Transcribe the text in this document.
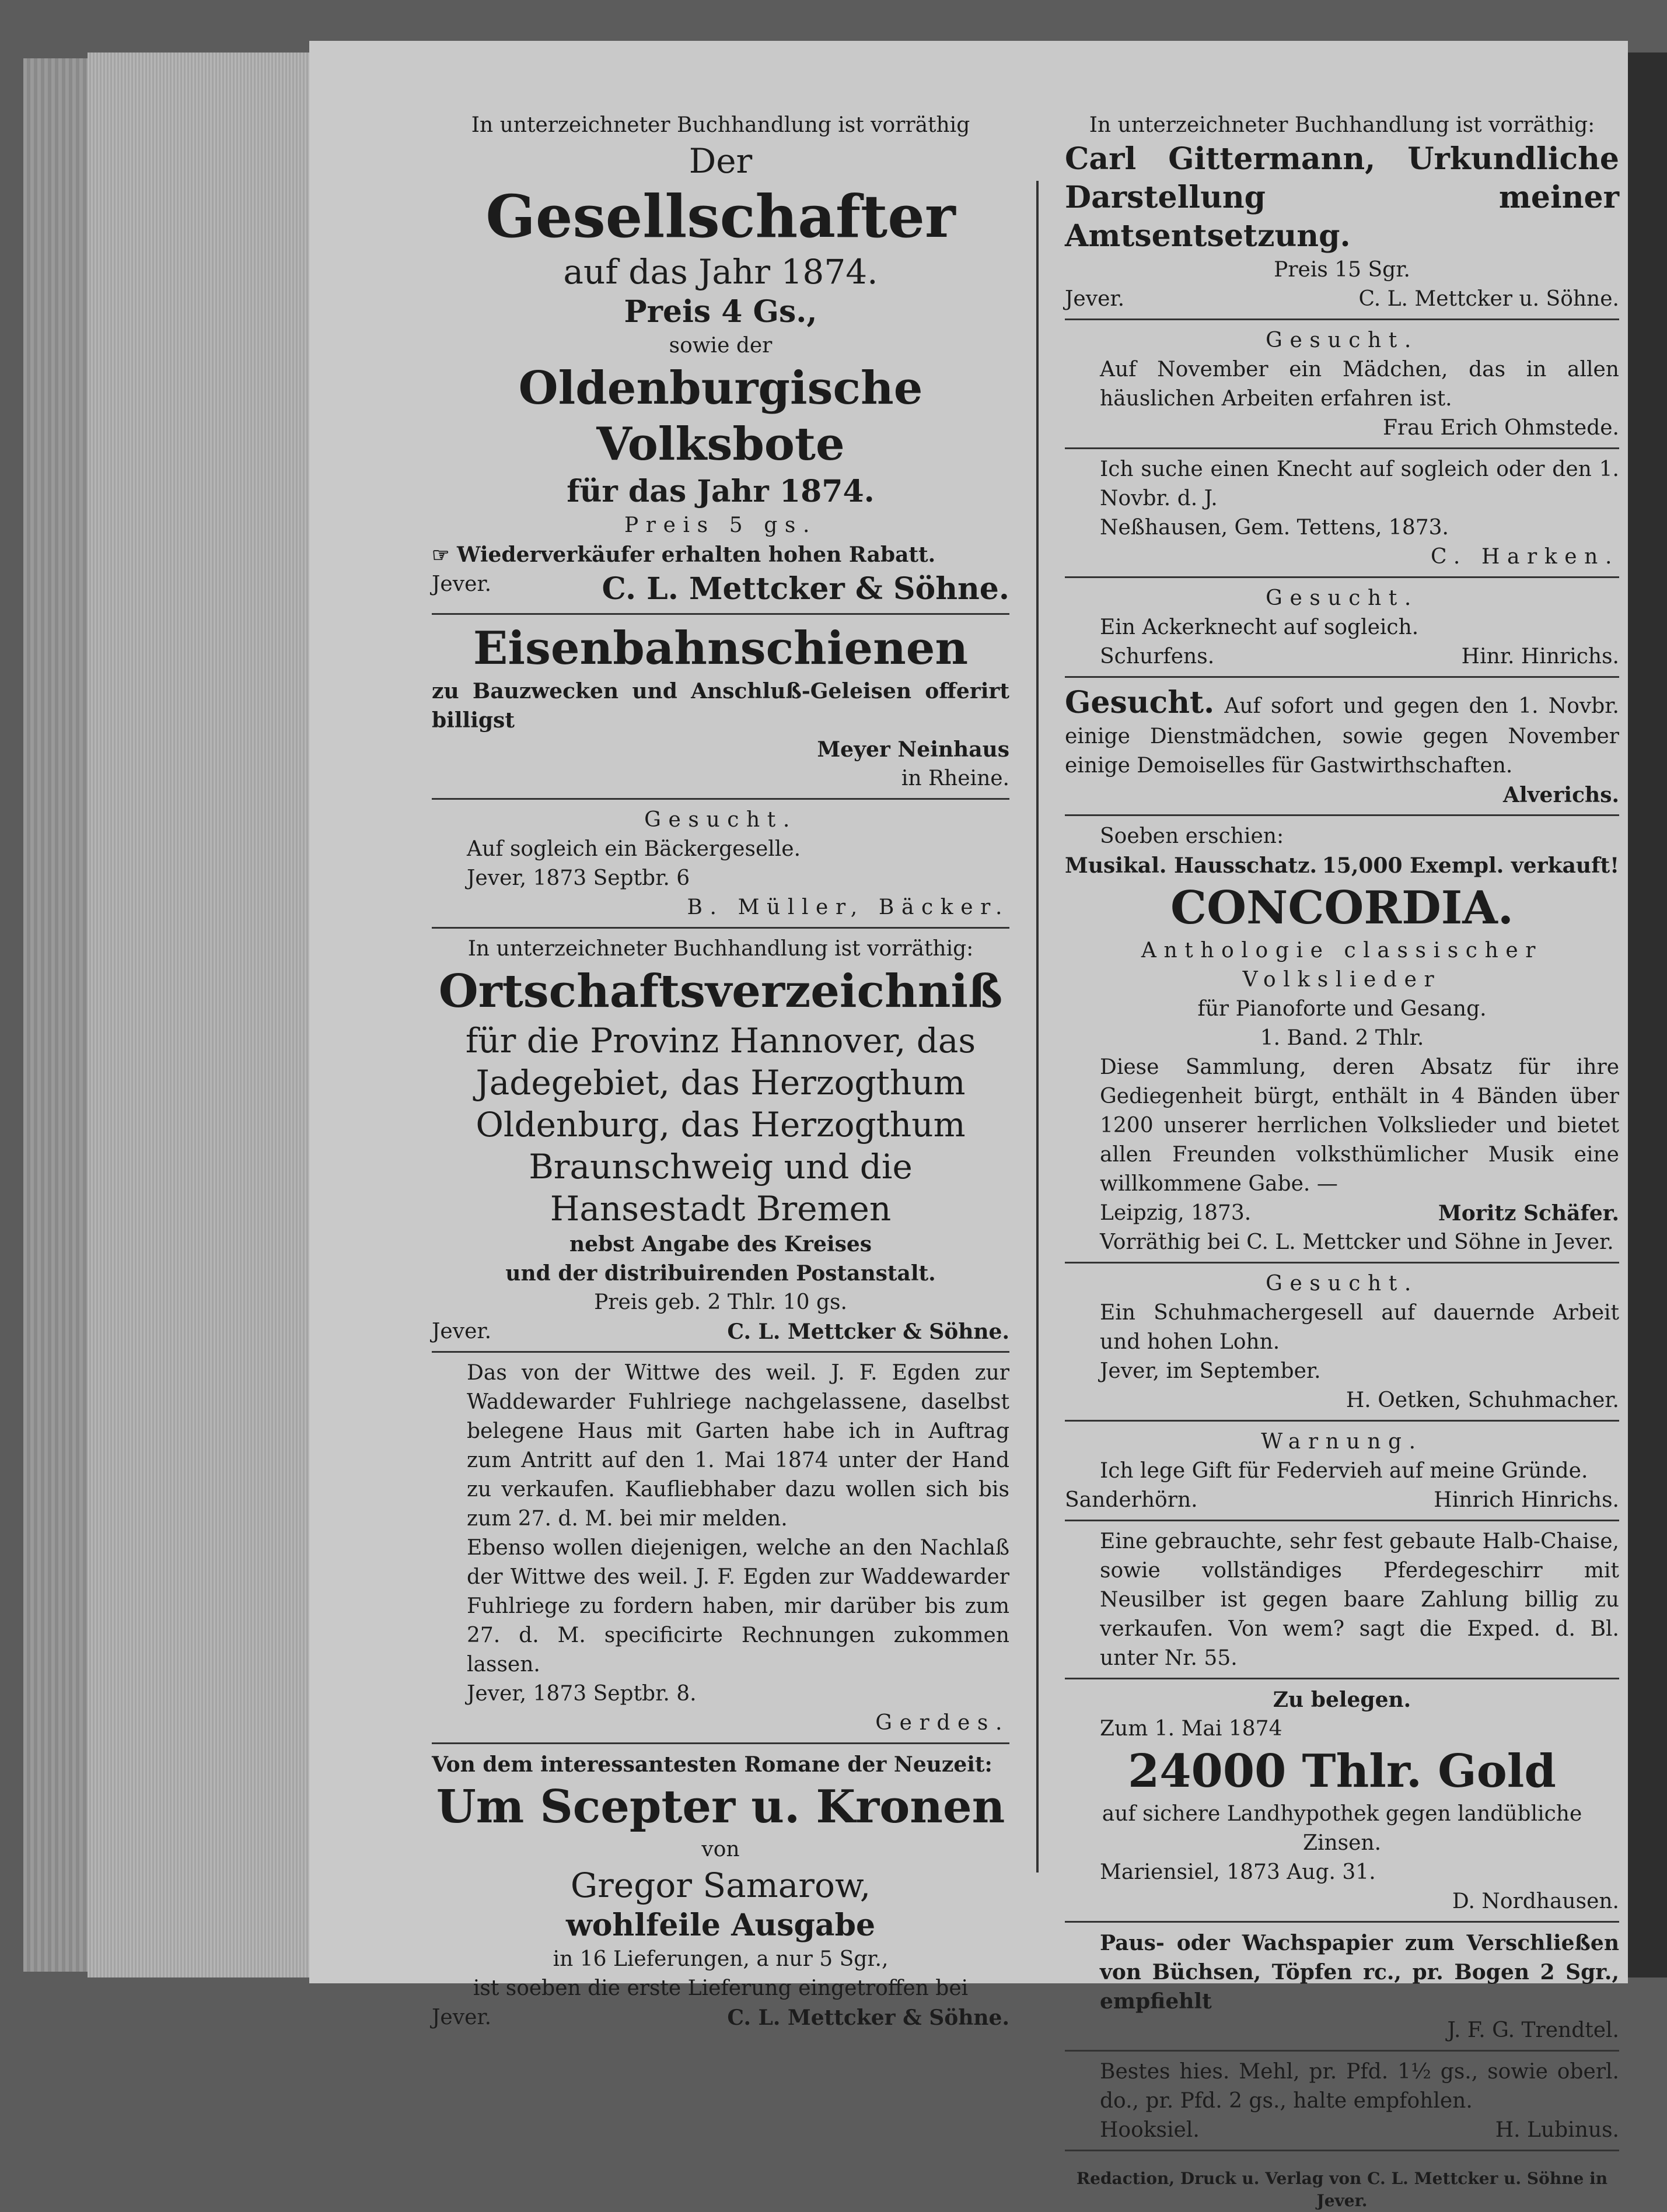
In unterzeichneter Buchhandlung ist vorräthig

Der

Gesellschafter

auf das Jahr 1874.

Preis 4 Gs.,

sowie der

Oldenburgische Volksbote

für das Jahr 1874.

Preis 5 gs.

☞ Wiederverkäufer erhalten hohen Rabatt.

Jever.	C. L. Mettcker & Söhne.

Eisenbahnschienen

zu Bauzwecken und Anschluß-Geleisen offerirt billigst

Meyer Neinhaus

in Rheine.

Gesucht.

Auf sogleich ein Bäckergeselle.

Jever, 1873 Septbr. 6

B. Müller, Bäcker.

In unterzeichneter Buchhandlung ist vorräthig:

Ortschaftsverzeichniß

für die Provinz Hannover, das Jadegebiet, das Herzogthum Oldenburg, das Herzogthum Braunschweig und die Hansestadt Bremen

nebst Angabe des Kreises

und der distribuirenden Postanstalt.

Preis geb. 2 Thlr. 10 gs.

Jever.	C. L. Mettcker & Söhne.

Das von der Wittwe des weil. J. F. Egden zur Waddewarder Fuhlriege nachgelassene, daselbst belegene Haus mit Garten habe ich in Auftrag zum Antritt auf den 1. Mai 1874 unter der Hand zu verkaufen. Kaufliebhaber dazu wollen sich bis zum 27. d. M. bei mir melden.

Ebenso wollen diejenigen, welche an den Nachlaß der Wittwe des weil. J. F. Egden zur Waddewarder Fuhlriege zu fordern haben, mir darüber bis zum 27. d. M. specificirte Rechnungen zukommen lassen.

Jever, 1873 Septbr. 8.

Gerdes.

Von dem interessantesten Romane der Neuzeit:

Um Scepter u. Kronen

von

Gregor Samarow,

wohlfeile Ausgabe

in 16 Lieferungen, a nur 5 Sgr.,

ist soeben die erste Lieferung eingetroffen bei

Jever.	C. L. Mettcker & Söhne.

In unterzeichneter Buchhandlung ist vorräthig:

Carl Gittermann, Urkundliche Darstellung meiner Amtsentsetzung.

Preis 15 Sgr.

Jever.	C. L. Mettcker u. Söhne.

Gesucht.

Auf November ein Mädchen, das in allen häuslichen Arbeiten erfahren ist.

Frau Erich Ohmstede.

Ich suche einen Knecht auf sogleich oder den 1. Novbr. d. J.

Neßhausen, Gem. Tettens, 1873.

C. Harken.

Gesucht.

Ein Ackerknecht auf sogleich.

Schurfens.	Hinr. Hinrichs.

Gesucht. Auf sofort und gegen den 1. Novbr. einige Dienstmädchen, sowie gegen November einige Demoiselles für Gastwirthschaften.

Alverichs.

Soeben erschien:

Musikal. Hausschatz. 15,000 Exempl. verkauft!

CONCORDIA.

Anthologie classischer Volkslieder

für Pianoforte und Gesang.

1. Band. 2 Thlr.

Diese Sammlung, deren Absatz für ihre Gediegenheit bürgt, enthält in 4 Bänden über 1200 unserer herrlichen Volkslieder und bietet allen Freunden volksthümlicher Musik eine willkommene Gabe. —

Leipzig, 1873.	Moritz Schäfer.

Vorräthig bei C. L. Mettcker und Söhne in Jever.

Gesucht.

Ein Schuhmachergesell auf dauernde Arbeit und hohen Lohn.

Jever, im September.

H. Oetken, Schuhmacher.

Warnung.

Ich lege Gift für Federvieh auf meine Gründe.

Sanderhörn.	Hinrich Hinrichs.

Eine gebrauchte, sehr fest gebaute Halb-Chaise, sowie vollständiges Pferdegeschirr mit Neusilber ist gegen baare Zahlung billig zu verkaufen. Von wem? sagt die Exped. d. Bl. unter Nr. 55.

Zu belegen.

Zum 1. Mai 1874

24000 Thlr. Gold

auf sichere Landhypothek gegen landübliche Zinsen.

Mariensiel, 1873 Aug. 31.

D. Nordhausen.

Paus- oder Wachspapier zum Verschließen von Büchsen, Töpfen rc., pr. Bogen 2 Sgr., empfiehlt

J. F. G. Trendtel.

Bestes hies. Mehl, pr. Pfd. 1½ gs., sowie oberl. do., pr. Pfd. 2 gs., halte empfohlen.

Hooksiel.	H. Lubinus.

Redaction, Druck u. Verlag von C. L. Mettcker u. Söhne in Jever.
